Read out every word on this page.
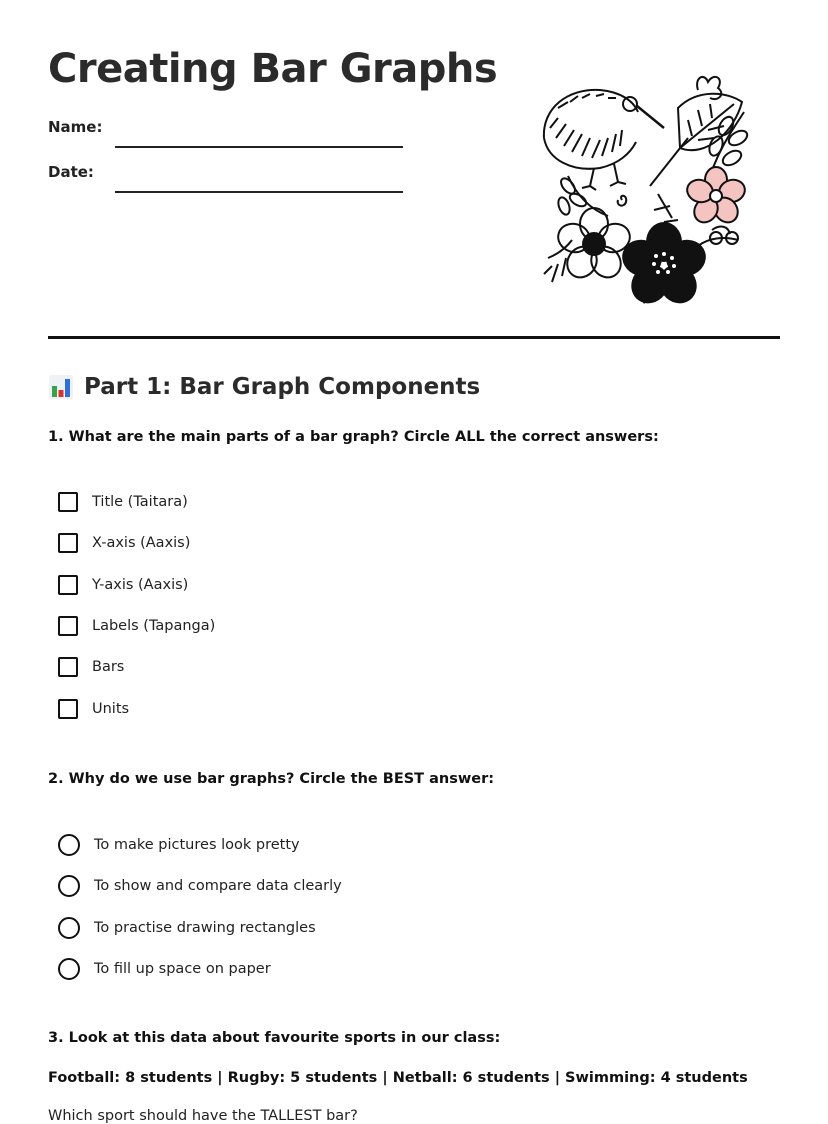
Creating Bar Graphs
Name:
Date:
Part 1: Bar Graph Components
1. What are the main parts of a bar graph? Circle ALL the correct answers:
Title (Taitara)
X-axis (Aaxis)
Y-axis (Aaxis)
Labels (Tapanga)
Bars
Units
2. Why do we use bar graphs? Circle the BEST answer:
To make pictures look pretty
To show and compare data clearly
To practise drawing rectangles
To fill up space on paper
3. Look at this data about favourite sports in our class:
Football: 8 students | Rugby: 5 students | Netball: 6 students | Swimming: 4 students
Which sport should have the TALLEST bar?
